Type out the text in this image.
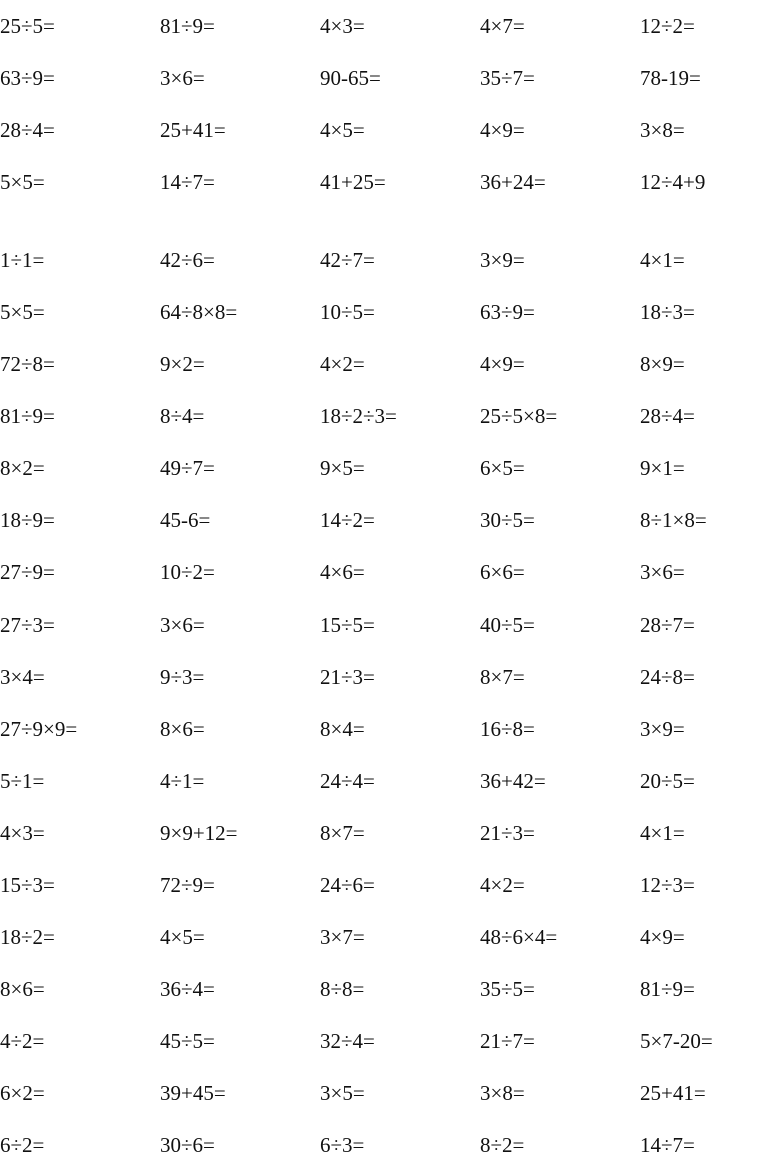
25÷5=	81÷9=	4×3=	4×7=	12÷2=
63÷9=	3×6=	90-65=	35÷7=	78-19=
28÷4=	25+41=	4×5=	4×9=	3×8=
5×5=	14÷7=	41+25=	36+24=	12÷4+9
1÷1=	42÷6=	42÷7=	3×9=	4×1=
5×5=	64÷8×8=	10÷5=	63÷9=	18÷3=
72÷8=	9×2=	4×2=	4×9=	8×9=
81÷9=	8÷4=	18÷2÷3=	25÷5×8=	28÷4=
8×2=	49÷7=	9×5=	6×5=	9×1=
18÷9=	45-6=	14÷2=	30÷5=	8÷1×8=
27÷9=	10÷2=	4×6=	6×6=	3×6=
27÷3=	3×6=	15÷5=	40÷5=	28÷7=
3×4=	9÷3=	21÷3=	8×7=	24÷8=
27÷9×9=	8×6=	8×4=	16÷8=	3×9=
5÷1=	4÷1=	24÷4=	36+42=	20÷5=
4×3=	9×9+12=	8×7=	21÷3=	4×1=
15÷3=	72÷9=	24÷6=	4×2=	12÷3=
18÷2=	4×5=	3×7=	48÷6×4=	4×9=
8×6=	36÷4=	8÷8=	35÷5=	81÷9=
4÷2=	45÷5=	32÷4=	21÷7=	5×7-20=
6×2=	39+45=	3×5=	3×8=	25+41=
6÷2=	30÷6=	6÷3=	8÷2=	14÷7=
